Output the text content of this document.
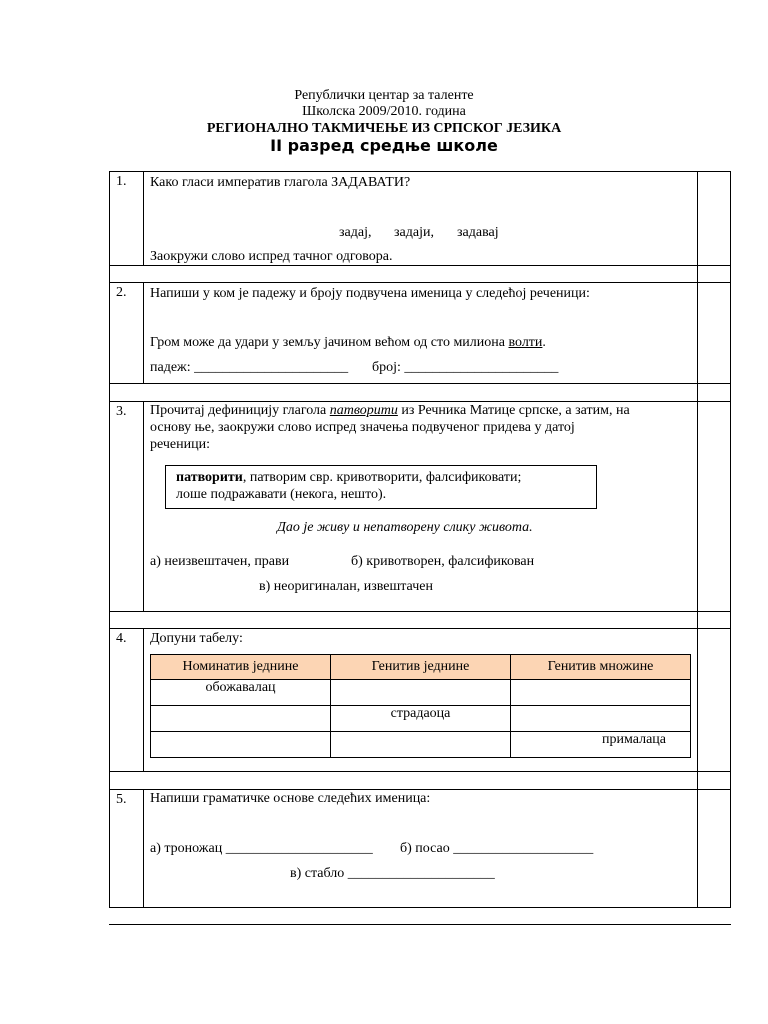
Републички центар за таленте
Школска 2009/2010. година
РЕГИОНАЛНО ТАКМИЧЕЊЕ ИЗ СРПСКОГ ЈЕЗИКА
II разред средње школе
1. Како гласи императив глагола ЗАДАВАТИ?
задај, задаји, задавај
Заокружи слово испред тачног одговора.
2. Напиши у ком је падежу и броју подвучена именица у следећој реченици:
Гром може да удари у земљу јачином већом од сто милиона волти.
падеж: ______________________ број: ______________________
3. Прочитај дефиницију глагола патворити из Речника Матице српске, а затим, на
основу ње, заокружи слово испред значења подвученог придева у датој
реченици:
патворити, патворим свр. кривотворити, фалсификовати;
лоше подражавати (некога, нешто).
Дао је живу и непатворену слику живота.
а) неизвештачен, прави	б) кривотворен, фалсификован
в) неоригиналан, извештачен
4. Допуни табелу:
Номинатив једнине	Генитив једнине	Генитив множине
обожавалац		
	страдаоца	
		прималаца
5. Напиши граматичке основе следећих именица:
а) троножац _____________________ б) посао ____________________
в) стабло _____________________
